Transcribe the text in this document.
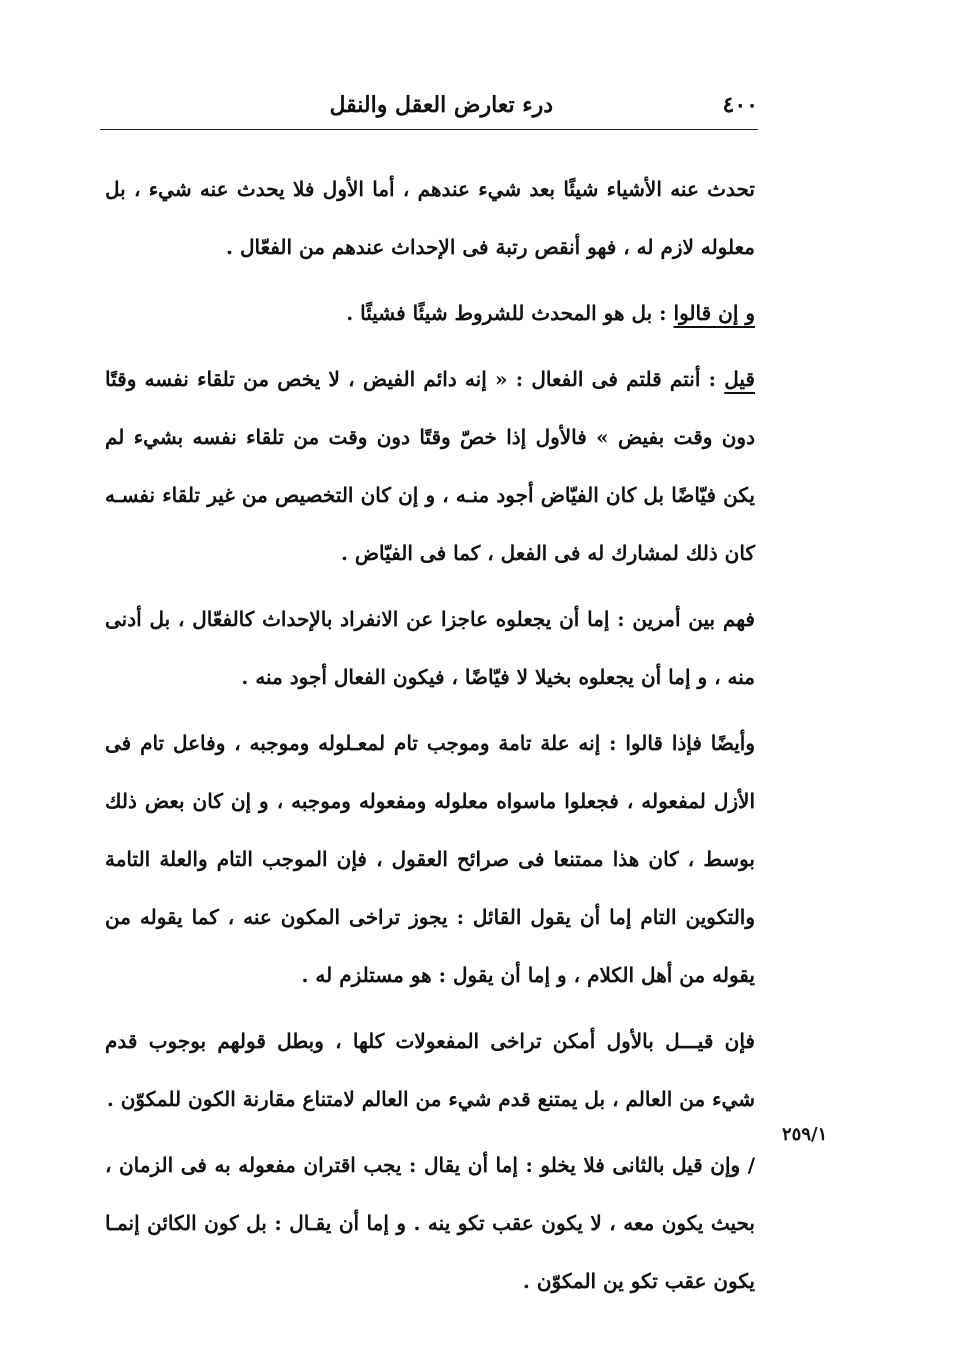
٤٠٠
درء تعارض العقل والنقل

تحدث عنه الأشياء شيئًا بعد شيء عندهم ، أما الأول فلا يحدث عنه شيء ، بل معلوله لازم له ، فهو أنقص رتبة فى الإحداث عندهم من الفعّال .

و إن قالوا : بل هو المحدث للشروط شيئًا فشيئًا .

قيل : أنتم قلتم فى الفعال : « إنه دائم الفيض ، لا يخص من تلقاء نفسه وقتًا دون وقت بفيض » فالأول إذا خصّ وقتًا دون وقت من تلقاء نفسه بشيء لم يكن فيّاضًا بل كان الفيّاض أجود منـه ، و إن كان التخصيص من غير تلقاء نفسـه كان ذلك لمشارك له فى الفعل ، كما فى الفيّاض .

فهم بين أمرين : إما أن يجعلوه عاجزا عن الانفراد بالإحداث كالفعّال ، بل أدنى منه ، و إما أن يجعلوه بخيلا لا فيّاضًا ، فيكون الفعال أجود منه .

وأيضًا فإذا قالوا : إنه علة تامة وموجب تام لمعـلوله وموجبه ، وفاعل تام فى الأزل لمفعوله ، فجعلوا ماسواه معلوله ومفعوله وموجبه ، و إن كان بعض ذلك بوسط ، كان هذا ممتنعا فى صرائح العقول ، فإن الموجب التام والعلة التامة والتكوين التام إما أن يقول القائل : يجوز تراخى المكون عنه ، كما يقوله من يقوله من أهل الكلام ، و إما أن يقول : هو مستلزم له .

فإن قيـــل بالأول أمكن تراخى المفعولات كلها ، وبطل قولهم بوجوب قدم شيء من العالم ، بل يمتنع قدم شيء من العالم لامتناع مقارنة الكون للمكوّن .

/ وإن قيل بالثانى فلا يخلو : إما أن يقال : يجب اقتران مفعوله به فى الزمان ، بحيث يكون معه ، لا يكون عقب تكو ينه . و إما أن يقـال : بل كون الكائن إنمـا يكون عقب تكو ين المكوّن .

٢٥٩/١
